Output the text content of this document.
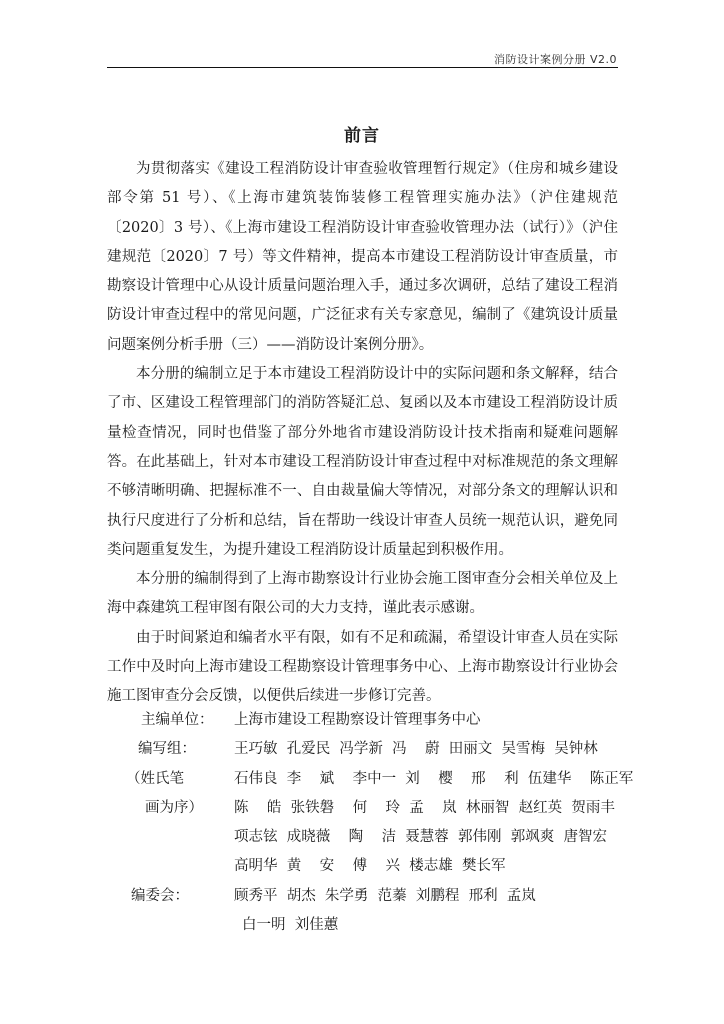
消防设计案例分册 V2.0
前言

为贯彻落实《建设工程消防设计审查验收管理暂行规定》（住房和城乡建设部令第 51 号）、《上海市建筑装饰装修工程管理实施办法》（沪住建规范〔2020〕3 号）、《上海市建设工程消防设计审查验收管理办法（试行）》（沪住建规范〔2020〕7 号）等文件精神，提高本市建设工程消防设计审查质量，市勘察设计管理中心从设计质量问题治理入手，通过多次调研，总结了建设工程消防设计审查过程中的常见问题，广泛征求有关专家意见，编制了《建筑设计质量问题案例分析手册（三）——消防设计案例分册》。

本分册的编制立足于本市建设工程消防设计中的实际问题和条文解释，结合了市、区建设工程管理部门的消防答疑汇总、复函以及本市建设工程消防设计质量检查情况，同时也借鉴了部分外地省市建设消防设计技术指南和疑难问题解答。在此基础上，针对本市建设工程消防设计审查过程中对标准规范的条文理解不够清晰明确、把握标准不一、自由裁量偏大等情况，对部分条文的理解认识和执行尺度进行了分析和总结，旨在帮助一线设计审查人员统一规范认识，避免同类问题重复发生，为提升建设工程消防设计质量起到积极作用。

本分册的编制得到了上海市勘察设计行业协会施工图审查分会相关单位及上海中森建筑工程审图有限公司的大力支持，谨此表示感谢。

由于时间紧迫和编者水平有限，如有不足和疏漏，希望设计审查人员在实际工作中及时向上海市建设工程勘察设计管理事务中心、上海市勘察设计行业协会施工图审查分会反馈，以便供后续进一步修订完善。

主编单位：	上海市建设工程勘察设计管理事务中心
编写组：	王巧敏  孔爱民  冯学新  冯    蔚  田丽文  吴雪梅  吴钟林
（姓氏笔	石伟良  李    斌    李中一  刘    樱    邢    利  伍建华    陈正军
画为序）	陈    皓  张铁磐    何    玲  孟    岚  林丽智  赵红英  贺雨丰
项志铉  成晓薇    陶    洁  聂慧蓉  郭伟刚  郭飒爽  唐智宏
高明华  黄    安    傅    兴  楼志雄  樊长军
编委会：	顾秀平  胡杰  朱学勇  范蓁  刘鹏程  邢利  孟岚
白一明  刘佳蕙
